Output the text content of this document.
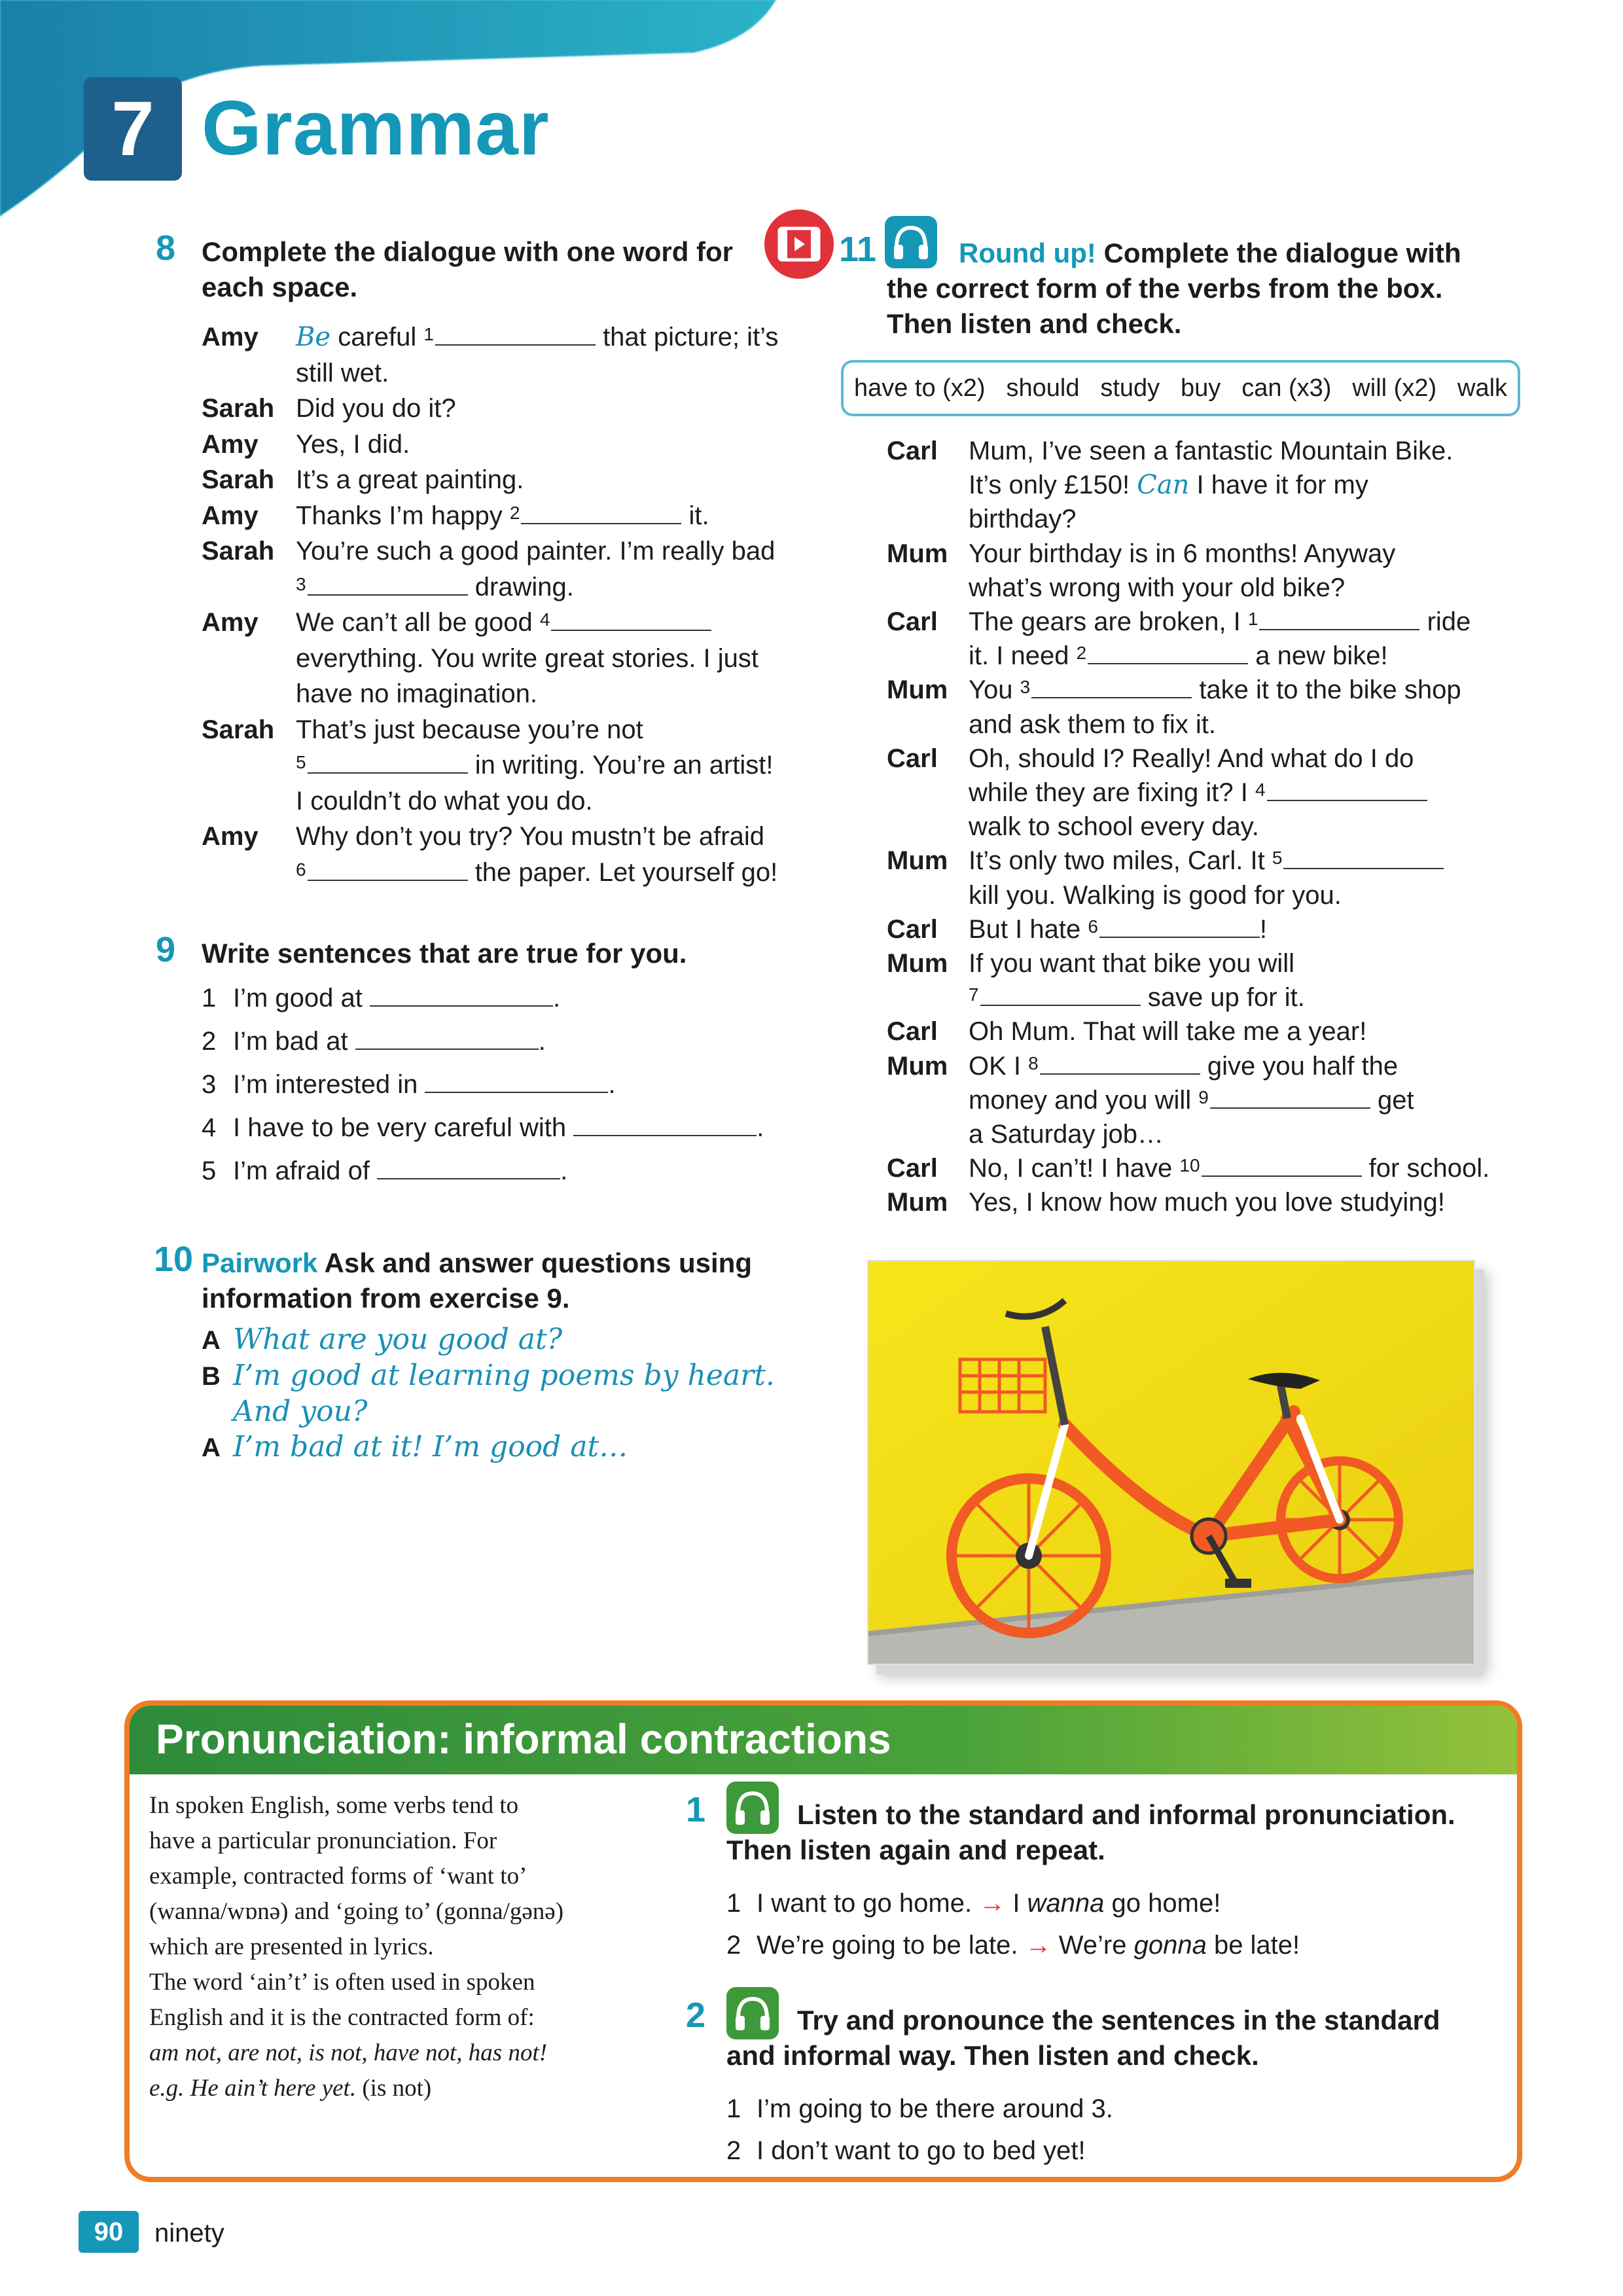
7 Grammar
8 Complete the dialogue with one word for
each space.
Amy Be careful $^1$	that picture; it’s
still wet.
Sarah Did you do it?
Amy Yes, I did.
Sarah It’s a great painting.
Amy Thanks I’m happy $^2$	it.
Sarah You’re such a good painter. I’m really bad
$^3$	drawing.
Amy We can’t all be good $^4$
everything. You write great stories. I just
have no imagination.
Sarah That’s just because you’re not
$^5$	in writing. You’re an artist!
I couldn’t do what you do.
Amy Why don’t you try? You mustn’t be afraid
$^6$	the paper. Let yourself go!
9 Write sentences that are true for you.
1 I’m good at	.
2 I’m bad at	.
3 I’m interested in	.
4 I have to be very careful with	.
5 I’m afraid of	.
10 Pairwork Ask and answer questions using
information from exercise 9.
A What are you good at?
B I’m good at learning poems by heart.
And you?
A I’m bad at it! I’m good at…
11	Round up! Complete the dialogue with
the correct form of the verbs from the box.
Then listen and check.
have to (x2) should study buy can (x3) will (x2) walk
Carl Mum, I’ve seen a fantastic Mountain Bike.
It’s only £150! Can I have it for my
birthday?
Mum Your birthday is in 6 months! Anyway
what’s wrong with your old bike?
Carl The gears are broken, I $^1$	ride
it. I need $^2$	a new bike!
Mum You $^3$	take it to the bike shop
and ask them to fix it.
Carl Oh, should I? Really! And what do I do
while they are fixing it? I $^4$
walk to school every day.
Mum It’s only two miles, Carl. It $^5$
kill you. Walking is good for you.
Carl But I hate $^6$	!
Mum If you want that bike you will
$^7$	save up for it.
Carl Oh Mum. That will take me a year!
Mum OK I $^8$	give you half the
money and you will $^9$	get
a Saturday job…
Carl No, I can’t! I have $^{10}$	for school.
Mum Yes, I know how much you love studying!
Pronunciation: informal contractions
In spoken English, some verbs tend to
have a particular pronunciation. For
example, contracted forms of ‘want to’
(wanna/wɒnə) and ‘going to’ (gonna/gənə)
which are presented in lyrics.
The word ‘ain’t’ is often used in spoken
English and it is the contracted form of:
am not, are not, is not, have not, has not!
e.g. He ain’t here yet. (is not)
1	Listen to the standard and informal pronunciation.
Then listen again and repeat.
1 I want to go home. → I wanna go home!
2 We’re going to be late. → We’re gonna be late!
2	Try and pronounce the sentences in the standard
and informal way. Then listen and check.
1 I’m going to be there around 3.
2 I don’t want to go to bed yet!
90	ninety
